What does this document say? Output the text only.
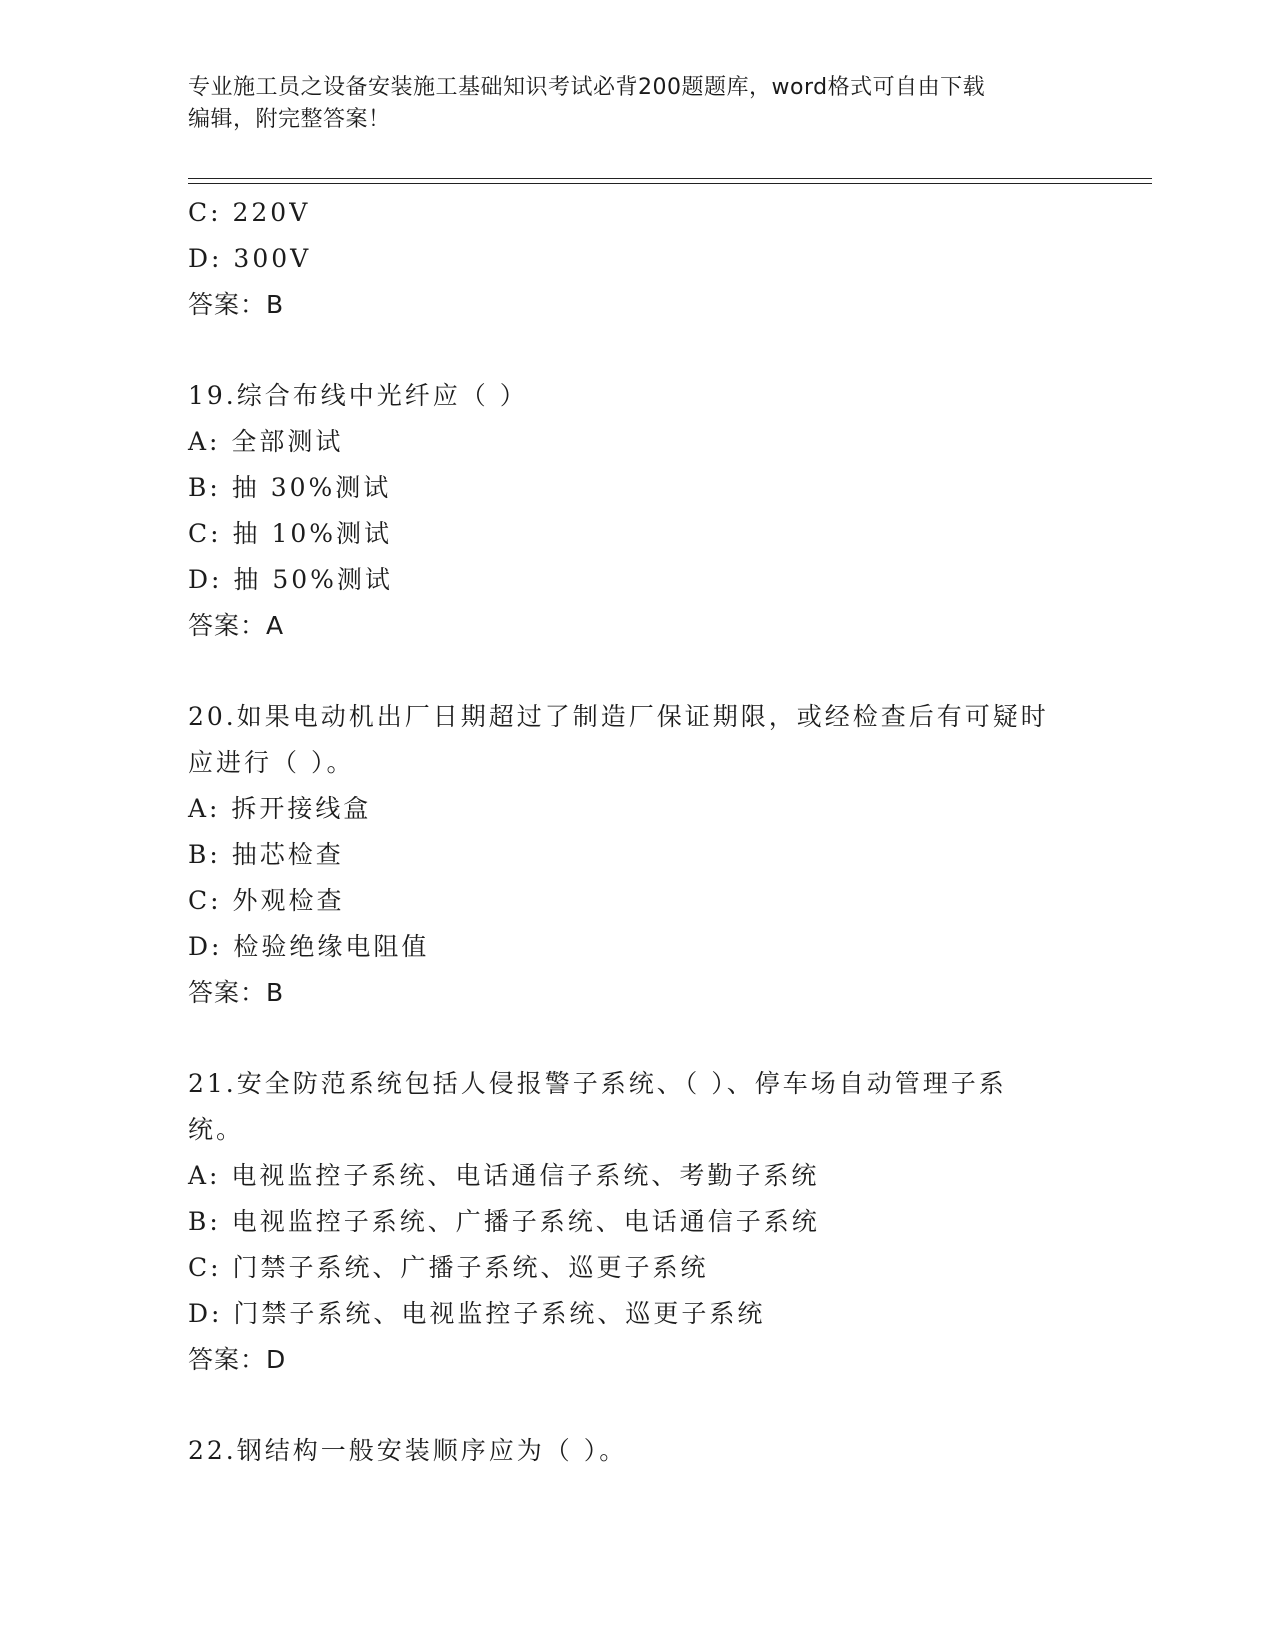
专业施工员之设备安装施工基础知识考试必背200题题库，word格式可自由下载
编辑，附完整答案！
C: 220V
D: 300V
答案：B
19.综合布线中光纤应（ ）
A: 全部测试
B: 抽 30%测试
C: 抽 10%测试
D: 抽 50%测试
答案：A
20.如果电动机出厂日期超过了制造厂保证期限，或经检查后有可疑时
应进行（ ）。
A: 拆开接线盒
B: 抽芯检查
C: 外观检查
D: 检验绝缘电阻值
答案：B
21.安全防范系统包括人侵报警子系统、（ ）、停车场自动管理子系
统。
A: 电视监控子系统、电话通信子系统、考勤子系统
B: 电视监控子系统、广播子系统、电话通信子系统
C: 门禁子系统、广播子系统、巡更子系统
D: 门禁子系统、电视监控子系统、巡更子系统
答案：D
22.钢结构一般安装顺序应为（ ）。
